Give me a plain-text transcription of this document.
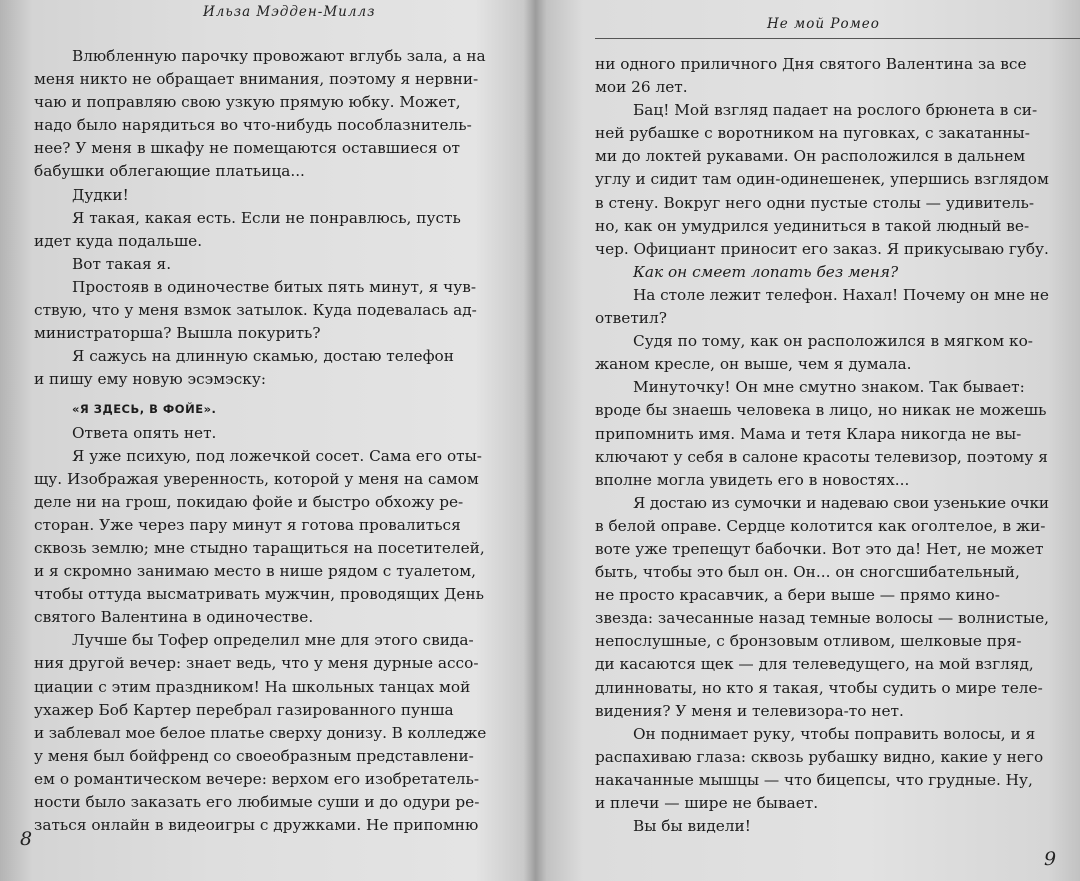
Ильза Мэдден-Миллз
Влюбленную парочку провожают вглубь зала, а на
меня никто не обращает внимания, поэтому я нервни-
чаю и поправляю свою узкую прямую юбку. Может,
надо было нарядиться во что-нибудь пособлазнитель-
нее? У меня в шкафу не помещаются оставшиеся от
бабушки облегающие платьица...
Дудки!
Я такая, какая есть. Если не понравлюсь, пусть
идет куда подальше.
Вот такая я.
Простояв в одиночестве битых пять минут, я чув-
ствую, что у меня взмок затылок. Куда подевалась ад-
министраторша? Вышла покурить?
Я сажусь на длинную скамью, достаю телефон
и пишу ему новую эсэмэску:
«Я ЗДЕСЬ, В ФОЙЕ».
Ответа опять нет.
Я уже психую, под ложечкой сосет. Сама его оты-
щу. Изображая уверенность, которой у меня на самом
деле ни на грош, покидаю фойе и быстро обхожу ре-
сторан. Уже через пару минут я готова провалиться
сквозь землю; мне стыдно таращиться на посетителей,
и я скромно занимаю место в нише рядом с туалетом,
чтобы оттуда высматривать мужчин, проводящих День
святого Валентина в одиночестве.
Лучше бы Тофер определил мне для этого свида-
ния другой вечер: знает ведь, что у меня дурные ассо-
циации с этим праздником! На школьных танцах мой
ухажер Боб Картер перебрал газированного пунша
и заблевал мое белое платье сверху донизу. В колледже
у меня был бойфренд со своеобразным представлени-
ем о романтическом вечере: верхом его изобретатель-
ности было заказать его любимые суши и до одури ре-
заться онлайн в видеоигры с дружками. Не припомню
8
Не мой Ромео
ни одного приличного Дня святого Валентина за все
мои 26 лет.
Бац! Мой взгляд падает на рослого брюнета в си-
ней рубашке с воротником на пуговках, с закатанны-
ми до локтей рукавами. Он расположился в дальнем
углу и сидит там один-одинешенек, упершись взглядом
в стену. Вокруг него одни пустые столы — удивитель-
но, как он умудрился уединиться в такой людный ве-
чер. Официант приносит его заказ. Я прикусываю губу.
Как он смеет лопать без меня?
На столе лежит телефон. Нахал! Почему он мне не
ответил?
Судя по тому, как он расположился в мягком ко-
жаном кресле, он выше, чем я думала.
Минуточку! Он мне смутно знаком. Так бывает:
вроде бы знаешь человека в лицо, но никак не можешь
припомнить имя. Мама и тетя Клара никогда не вы-
ключают у себя в салоне красоты телевизор, поэтому я
вполне могла увидеть его в новостях...
Я достаю из сумочки и надеваю свои узенькие очки
в белой оправе. Сердце колотится как оголтелое, в жи-
воте уже трепещут бабочки. Вот это да! Нет, не может
быть, чтобы это был он. Он... он сногсшибательный,
не просто красавчик, а бери выше — прямо кино-
звезда: зачесанные назад темные волосы — волнистые,
непослушные, с бронзовым отливом, шелковые пря-
ди касаются щек — для телеведущего, на мой взгляд,
длинноваты, но кто я такая, чтобы судить о мире теле-
видения? У меня и телевизора-то нет.
Он поднимает руку, чтобы поправить волосы, и я
распахиваю глаза: сквозь рубашку видно, какие у него
накачанные мышцы — что бицепсы, что грудные. Ну,
и плечи — шире не бывает.
Вы бы видели!
9
